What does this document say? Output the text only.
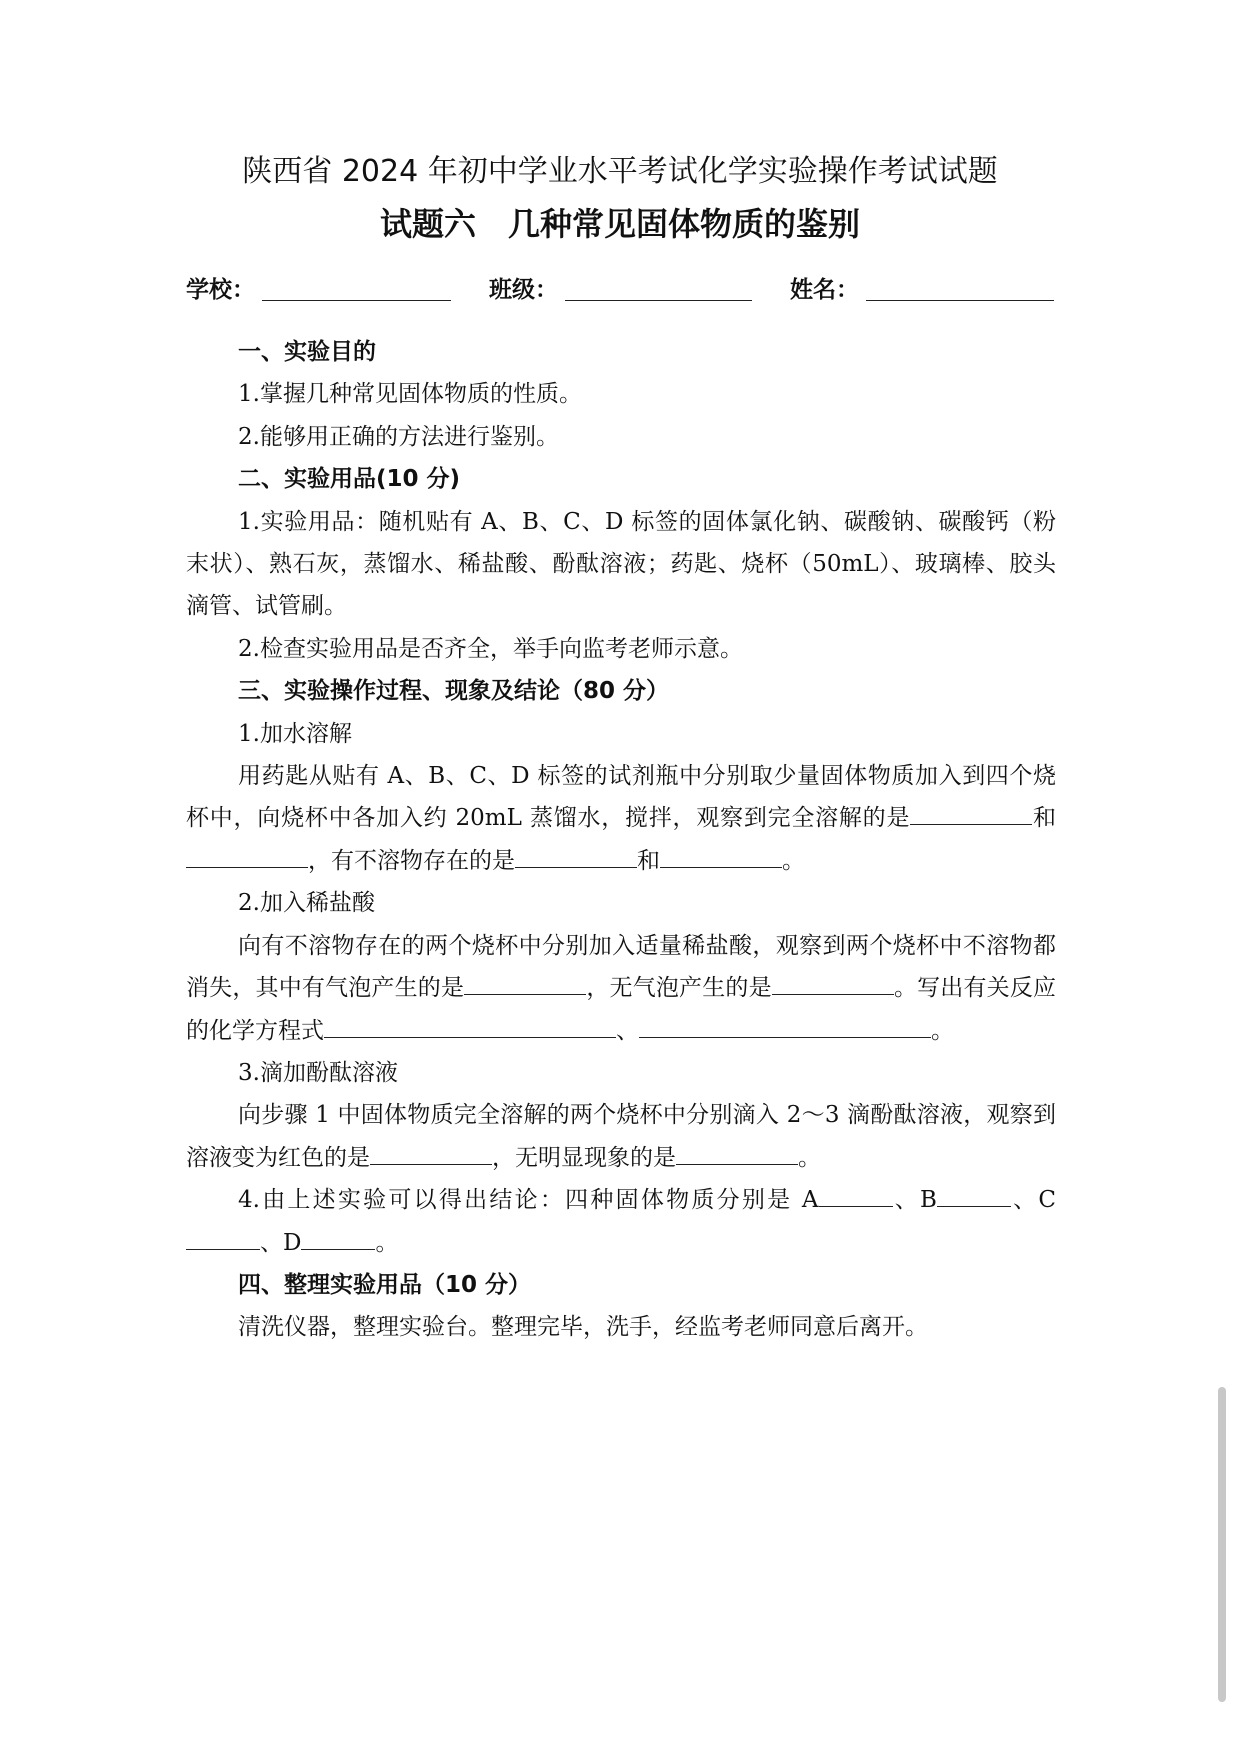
陕西省 2024 年初中学业水平考试化学实验操作考试试题
试题六　几种常见固体物质的鉴别
学校：	班级：	姓名：

一、实验目的

1.掌握几种常见固体物质的性质。

2.能够用正确的方法进行鉴别。

二、实验用品(10 分)

1.实验用品：随机贴有 A、B、C、D 标签的固体氯化钠、碳酸钠、碳酸钙（粉末状）、熟石灰，蒸馏水、稀盐酸、酚酞溶液；药匙、烧杯（50mL）、玻璃棒、胶头滴管、试管刷。

2.检查实验用品是否齐全，举手向监考老师示意。

三、实验操作过程、现象及结论（80 分）

1.加水溶解

用药匙从贴有 A、B、C、D 标签的试剂瓶中分别取少量固体物质加入到四个烧杯中，向烧杯中各加入约 20mL 蒸馏水，搅拌，观察到完全溶解的是	和，有不溶物存在的是	和	。

2.加入稀盐酸

向有不溶物存在的两个烧杯中分别加入适量稀盐酸，观察到两个烧杯中不溶物都消失，其中有气泡产生的是	，无气泡产生的是	。写出有关反应的化学方程式	、	。

3.滴加酚酞溶液

向步骤 1 中固体物质完全溶解的两个烧杯中分别滴入 2～3 滴酚酞溶液，观察到溶液变为红色的是	，无明显现象的是	。

4.由上述实验可以得出结论：四种固体物质分别是 A	、B	、C、D	。

四、整理实验用品（10 分）

清洗仪器，整理实验台。整理完毕，洗手，经监考老师同意后离开。
